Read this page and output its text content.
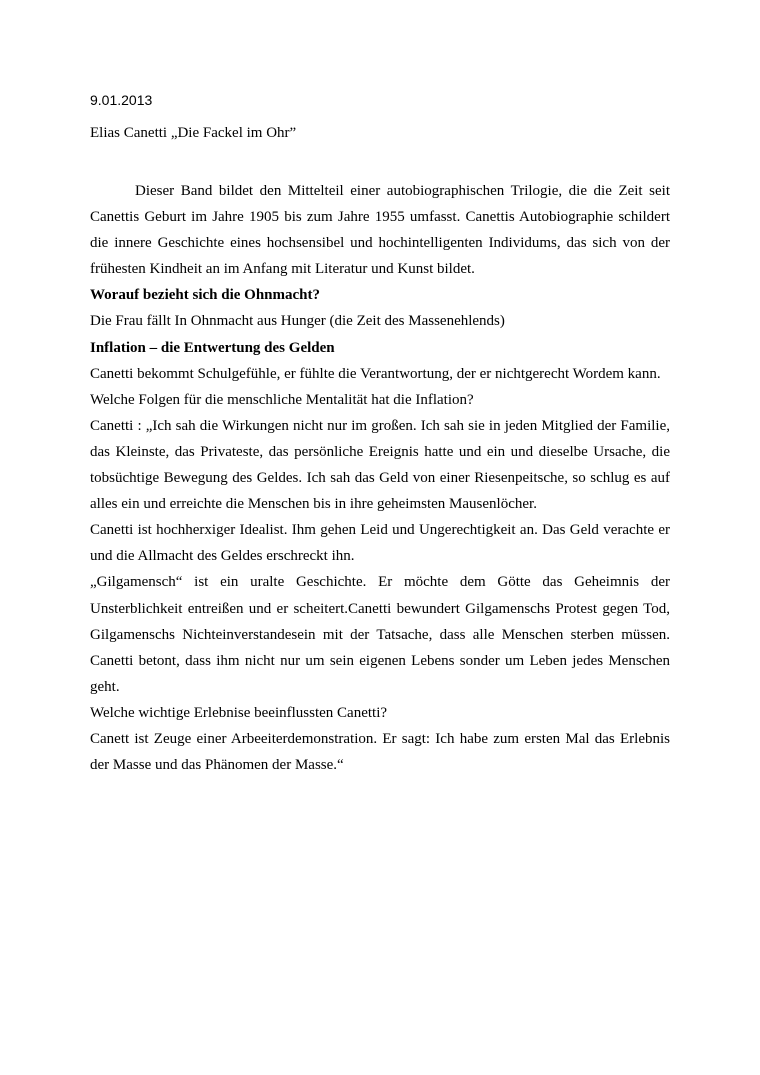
9.01.2013
Elias Canetti „Die Fackel im Ohr”

Dieser Band bildet den Mittelteil einer autobiographischen Trilogie, die die Zeit seit Canettis Geburt im Jahre 1905 bis zum Jahre 1955 umfasst. Canettis Autobiographie schildert die innere Geschichte eines hochsensibel und hochintelligenten Individums, das sich von der frühesten Kindheit an im Anfang mit Literatur und Kunst bildet.

Worauf bezieht sich die Ohnmacht?

Die Frau fällt In Ohnmacht aus Hunger (die Zeit des Massenehlends)

Inflation – die Entwertung des Gelden

Canetti bekommt Schulgefühle, er fühlte die Verantwortung, der er nichtgerecht Wordem kann.

Welche Folgen für die menschliche Mentalität hat die Inflation?

Canetti : „Ich sah die Wirkungen nicht nur im großen. Ich sah sie in jeden Mitglied der Familie, das Kleinste, das Privateste, das persönliche Ereignis hatte und ein und dieselbe Ursache, die tobsüchtige Bewegung des Geldes. Ich sah das Geld von einer Riesenpeitsche, so schlug es auf alles ein und erreichte die Menschen bis in ihre geheimsten Mausenlöcher.

Canetti ist hochherxiger Idealist. Ihm gehen Leid und Ungerechtigkeit an. Das Geld verachte er und die Allmacht des Geldes erschreckt ihn.

„Gilgamensch“ ist ein uralte Geschichte. Er möchte dem Götte das Geheimnis der Unsterblichkeit entreißen und er scheitert.Canetti bewundert Gilgamenschs Protest gegen Tod, Gilgamenschs Nichteinverstandesein mit der Tatsache, dass alle Menschen sterben müssen. Canetti betont, dass ihm nicht nur um sein eigenen Lebens sonder um Leben jedes Menschen geht.

Welche wichtige Erlebnise beeinflussten Canetti?

Canett ist Zeuge einer Arbeeiterdemonstration. Er sagt: Ich habe zum ersten Mal das Erlebnis der Masse und das Phänomen der Masse.“
